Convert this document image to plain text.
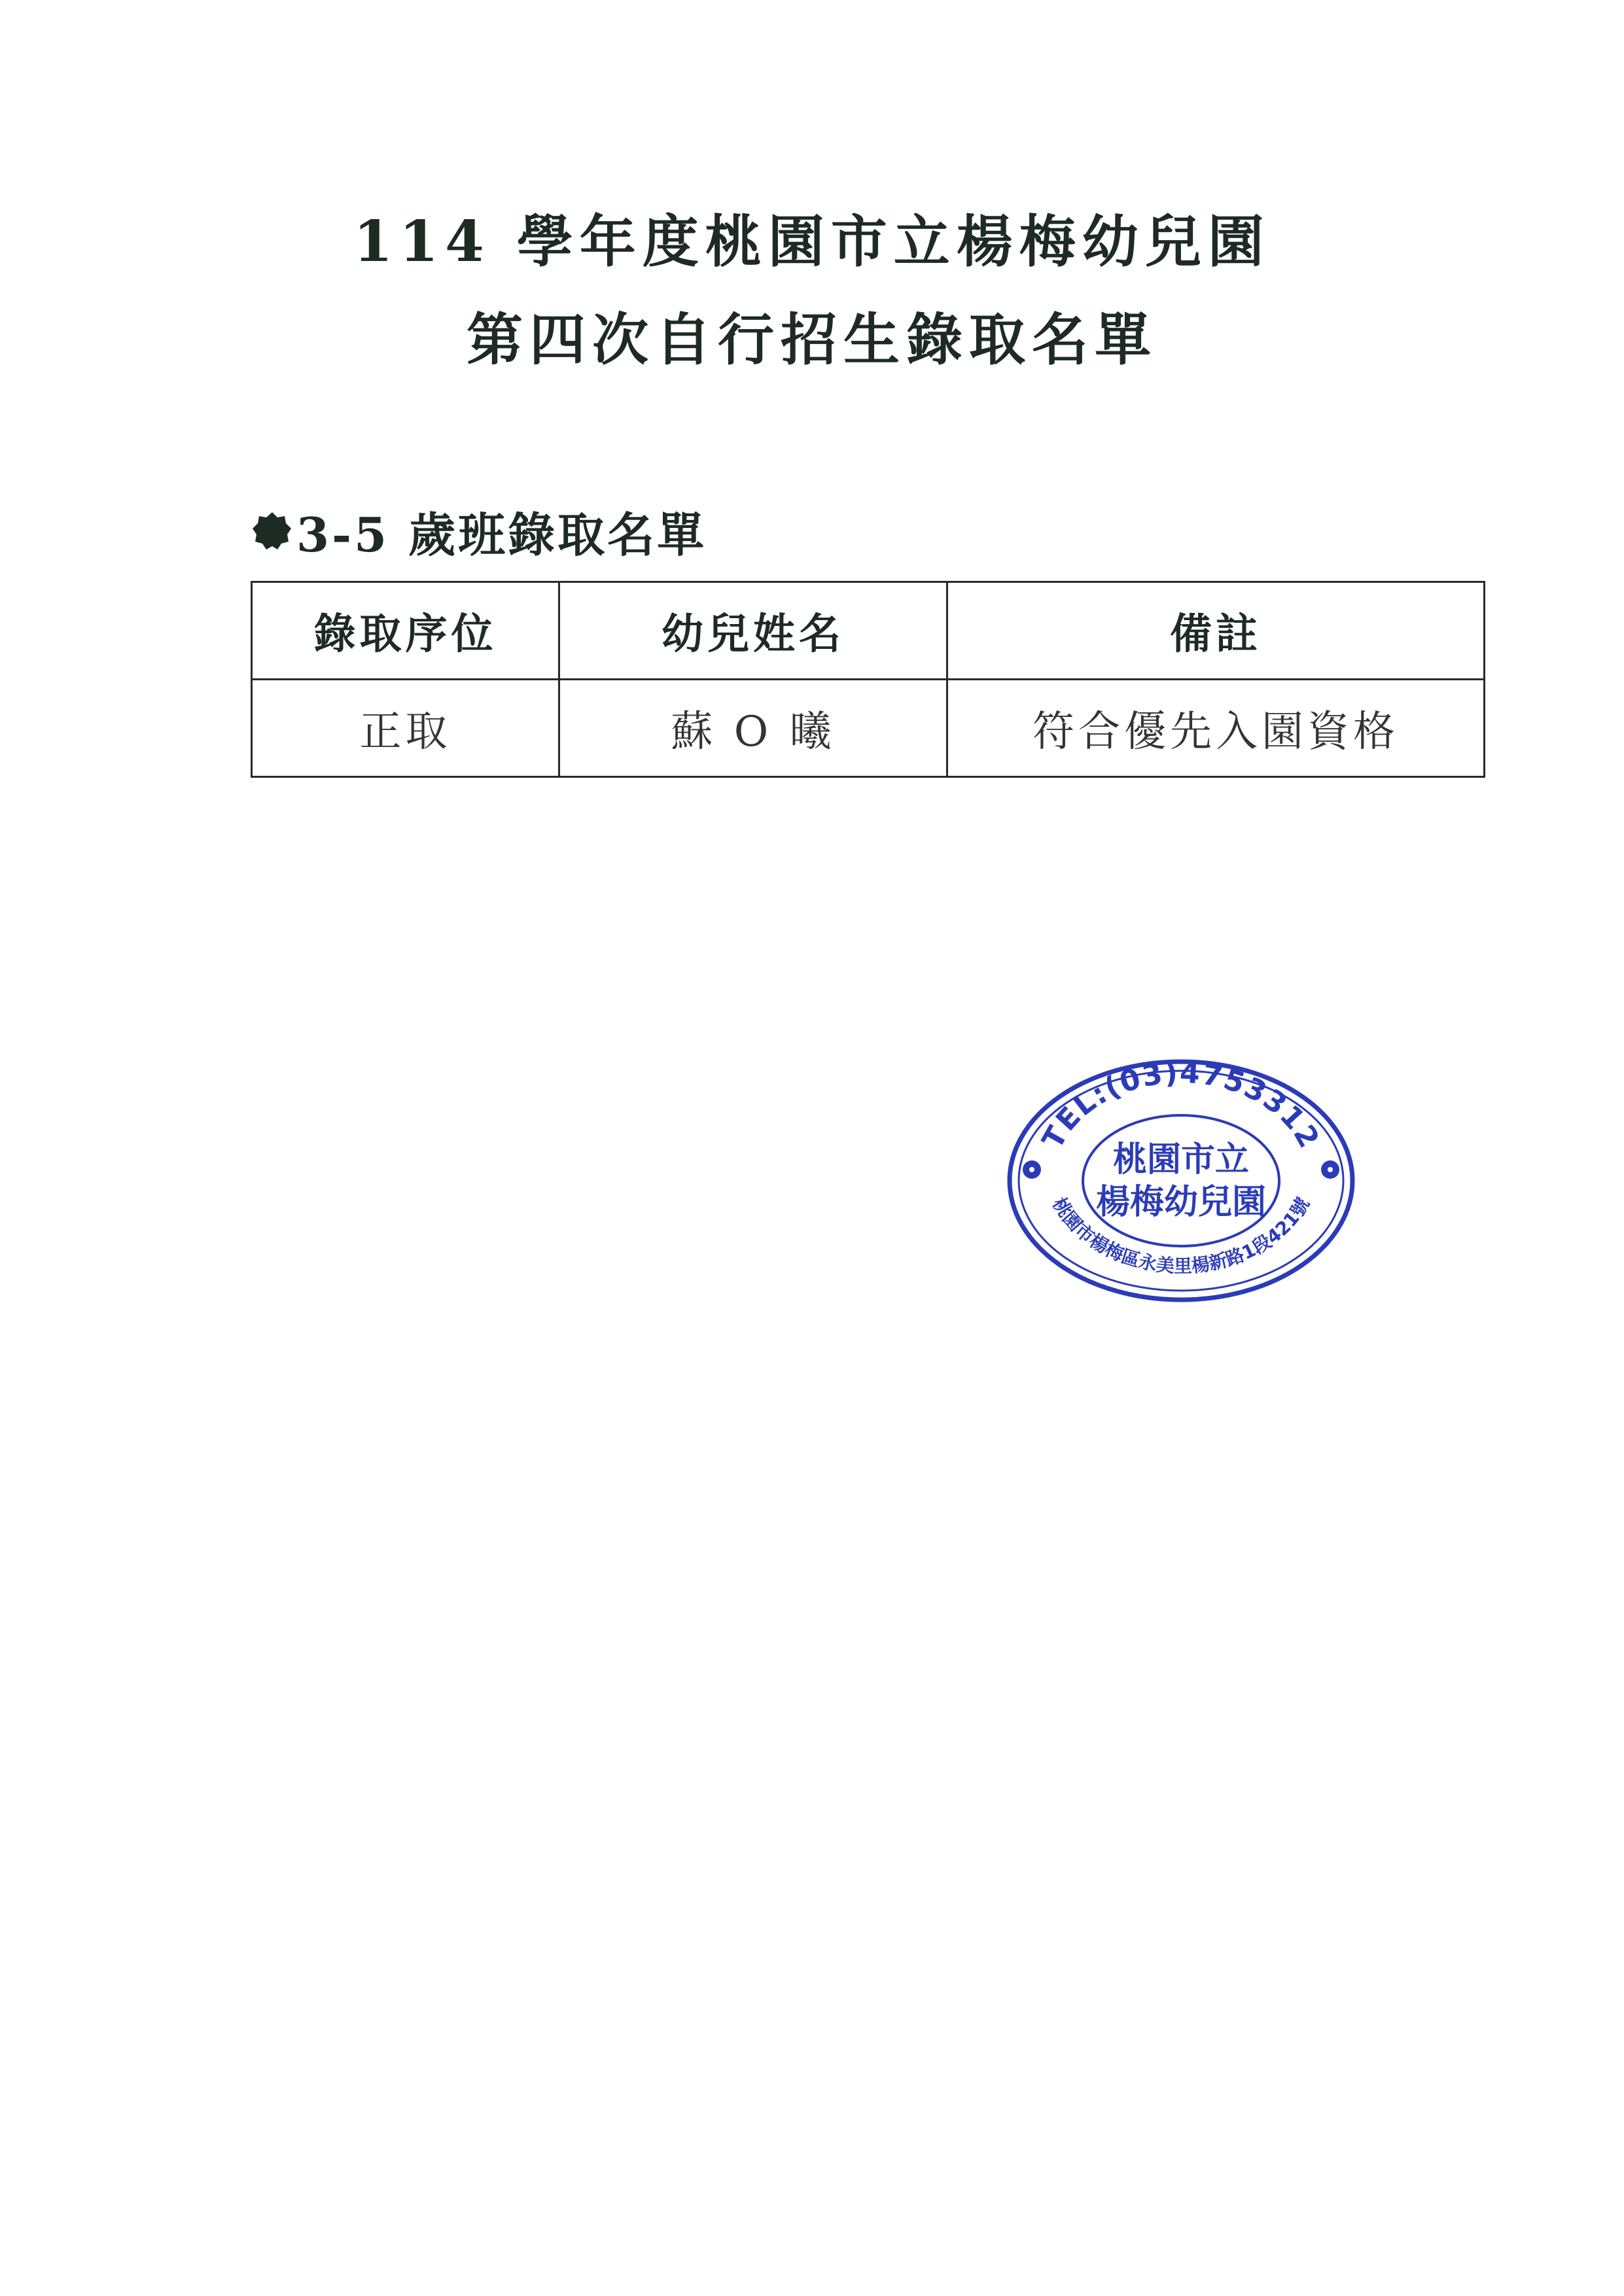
114 學年度桃園市立楊梅幼兒園
第四次自行招生錄取名單
3-5 歲班錄取名單
錄取序位	幼兒姓名	備註
正取	蘇 O 曦	符合優先入園資格
TEL:(03)4753312
桃園市立
楊梅幼兒園
桃園市楊梅區永美里楊新路1段421號
